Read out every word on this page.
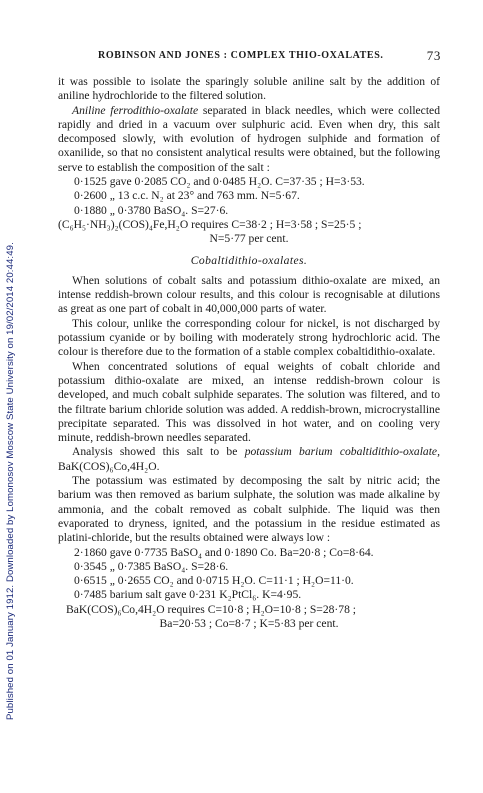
Published on 01 January 1912. Downloaded by Lomonosov Moscow State University on 19/02/2014 20:44:49.
ROBINSON AND JONES : COMPLEX THIO-OXALATES.	73

it was possible to isolate the sparingly soluble aniline salt by the addition of aniline hydrochloride to the filtered solution.

Aniline ferrodithio-oxalate separated in black needles, which were collected rapidly and dried in a vacuum over sulphuric acid. Even when dry, this salt decomposed slowly, with evolution of hydrogen sulphide and formation of oxanilide, so that no consistent analytical results were obtained, but the following serve to establish the composition of the salt :

0·1525 gave 0·2085 CO₂ and 0·0485 H₂O. C=37·35 ; H=3·53.
0·2600 „ 13 c.c. N₂ at 23° and 763 mm. N=5·67.
0·1880 „ 0·3780 BaSO₄. S=27·6.
(C₆H₅·NH₃)₂(COS)₄Fe,H₂O requires C=38·2 ; H=3·58 ; S=25·5 ;
N=5·77 per cent.
Cobaltidithio-oxalates.

When solutions of cobalt salts and potassium dithio-oxalate are mixed, an intense reddish-brown colour results, and this colour is recognisable at dilutions as great as one part of cobalt in 40,000,000 parts of water.

This colour, unlike the corresponding colour for nickel, is not discharged by potassium cyanide or by boiling with moderately strong hydrochloric acid. The colour is therefore due to the formation of a stable complex cobaltidithio-oxalate.

When concentrated solutions of equal weights of cobalt chloride and potassium dithio-oxalate are mixed, an intense reddish-brown colour is developed, and much cobalt sulphide separates. The solution was filtered, and to the filtrate barium chloride solution was added. A reddish-brown, microcrystalline precipitate separated. This was dissolved in hot water, and on cooling very minute, reddish-brown needles separated.

Analysis showed this salt to be potassium barium cobaltidithio-oxalate, BaK(COS)₆Co,4H₂O.

The potassium was estimated by decomposing the salt by nitric acid; the barium was then removed as barium sulphate, the solution was made alkaline by ammonia, and the cobalt removed as cobalt sulphide. The liquid was then evaporated to dryness, ignited, and the potassium in the residue estimated as platini-chloride, but the results obtained were always low :

2·1860 gave 0·7735 BaSO₄ and 0·1890 Co. Ba=20·8 ; Co=8·64.
0·3545 „ 0·7385 BaSO₄. S=28·6.
0·6515 „ 0·2655 CO₂ and 0·0715 H₂O. C=11·1 ; H₂O=11·0.
0·7485 barium salt gave 0·231 K₂PtCl₆. K=4·95.
BaK(COS)₆Co,4H₂O requires C=10·8 ; H₂O=10·8 ; S=28·78 ;
Ba=20·53 ; Co=8·7 ; K=5·83 per cent.
